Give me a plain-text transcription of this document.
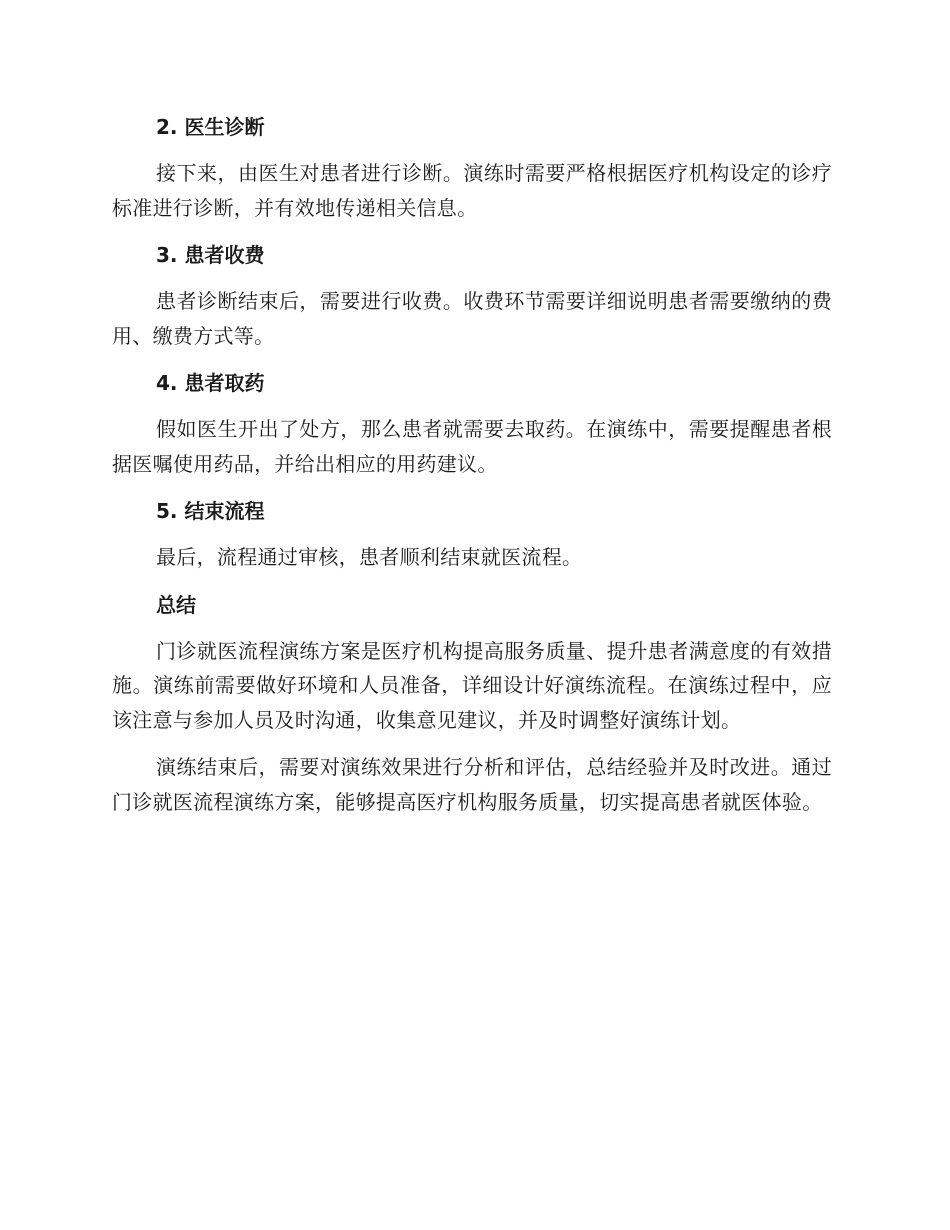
2. 医生诊断

接下来，由医生对患者进行诊断。演练时需要严格根据医疗机构设定的诊疗标准进行诊断，并有效地传递相关信息。

3. 患者收费

患者诊断结束后，需要进行收费。收费环节需要详细说明患者需要缴纳的费用、缴费方式等。

4. 患者取药

假如医生开出了处方，那么患者就需要去取药。在演练中，需要提醒患者根据医嘱使用药品，并给出相应的用药建议。

5. 结束流程

最后，流程通过审核，患者顺利结束就医流程。

总结

门诊就医流程演练方案是医疗机构提高服务质量、提升患者满意度的有效措施。演练前需要做好环境和人员准备，详细设计好演练流程。在演练过程中，应该注意与参加人员及时沟通，收集意见建议，并及时调整好演练计划。

演练结束后，需要对演练效果进行分析和评估，总结经验并及时改进。通过门诊就医流程演练方案，能够提高医疗机构服务质量，切实提高患者就医体验。
